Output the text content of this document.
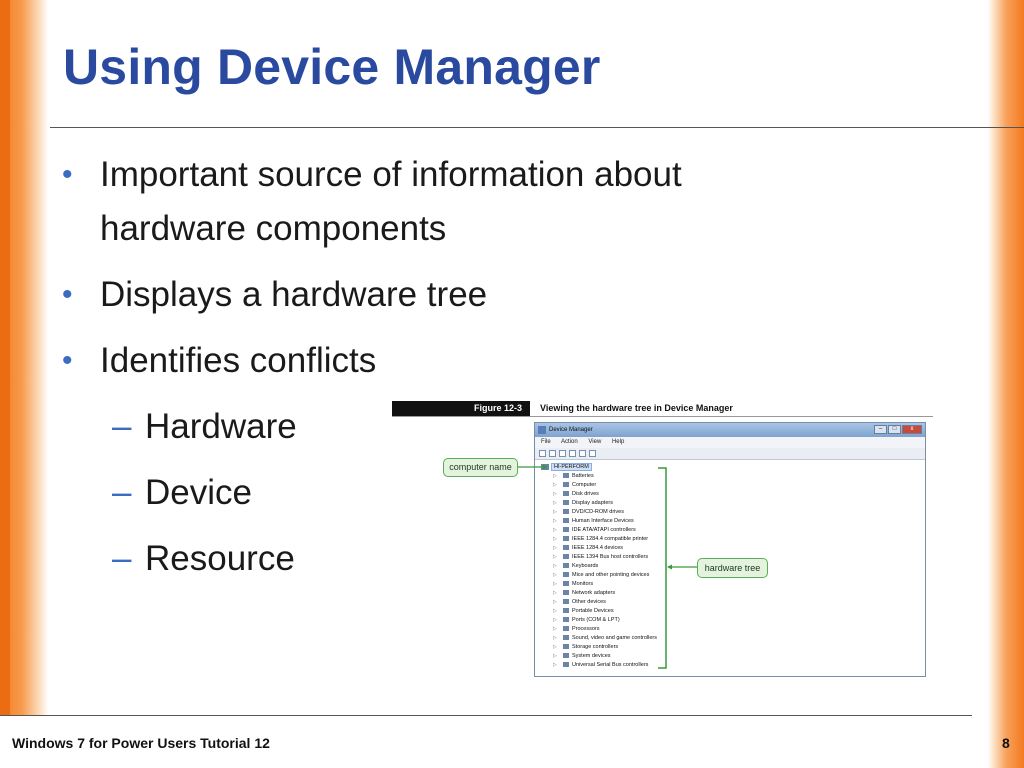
Using Device Manager
• Important source of information about hardware components
• Displays a hardware tree
• Identifies conflicts
– Hardware
– Device
– Resource
Figure 12-3	Viewing the hardware tree in Device Manager
Device Manager	–	□	x
File Action View Help
HI-PERFORM
▷	Batteries
▷	Computer
▷	Disk drives
▷	Display adapters
▷	DVD/CD-ROM drives
▷	Human Interface Devices
▷	IDE ATA/ATAPI controllers
▷	IEEE 1284.4 compatible printer
▷	IEEE 1284.4 devices
▷	IEEE 1394 Bus host controllers
▷	Keyboards
▷	Mice and other pointing devices
▷	Monitors
▷	Network adapters
▷	Other devices
▷	Portable Devices
▷	Ports (COM & LPT)
▷	Processors
▷	Sound, video and game controllers
▷	Storage controllers
▷	System devices
▷	Universal Serial Bus controllers
computer name
hardware tree
Windows 7 for Power Users Tutorial 12	8
